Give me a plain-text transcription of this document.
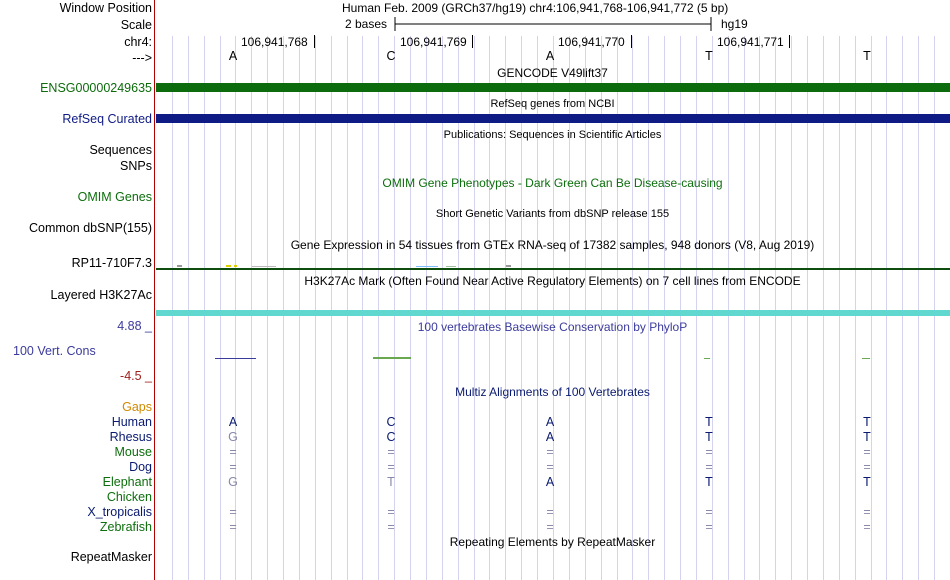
Window Position	Human Feb. 2009 (GRCh37/hg19) chr4:106,941,768-106,941,772 (5 bp)
Scale	2 bases	hg19
chr4:	106,941,768	106,941,769	106,941,770	106,941,771
--->	A	C	A	T	T
GENCODE V49lift37
ENSG00000249635
RefSeq genes from NCBI
RefSeq Curated
Publications: Sequences in Scientific Articles
Sequences
SNPs
OMIM Gene Phenotypes - Dark Green Can Be Disease-causing
OMIM Genes
Short Genetic Variants from dbSNP release 155
Common dbSNP(155)
Gene Expression in 54 tissues from GTEx RNA-seq of 17382 samples, 948 donors (V8, Aug 2019)
RP11-710F7.3
H3K27Ac Mark (Often Found Near Active Regulatory Elements) on 7 cell lines from ENCODE
Layered H3K27Ac
4.88 _	100 vertebrates Basewise Conservation by PhyloP
100 Vert. Cons
-4.5 _
Multiz Alignments of 100 Vertebrates
Gaps
Human	A	C	A	T	T
Rhesus	G	C	A	T	T
Mouse	=	=	=	=	=
Dog	=	=	=	=	=
Elephant	G	T	A	T	T
Chicken
X_tropicalis	=	=	=	=	=
Zebrafish	=	=	=	=	=
Repeating Elements by RepeatMasker
RepeatMasker
